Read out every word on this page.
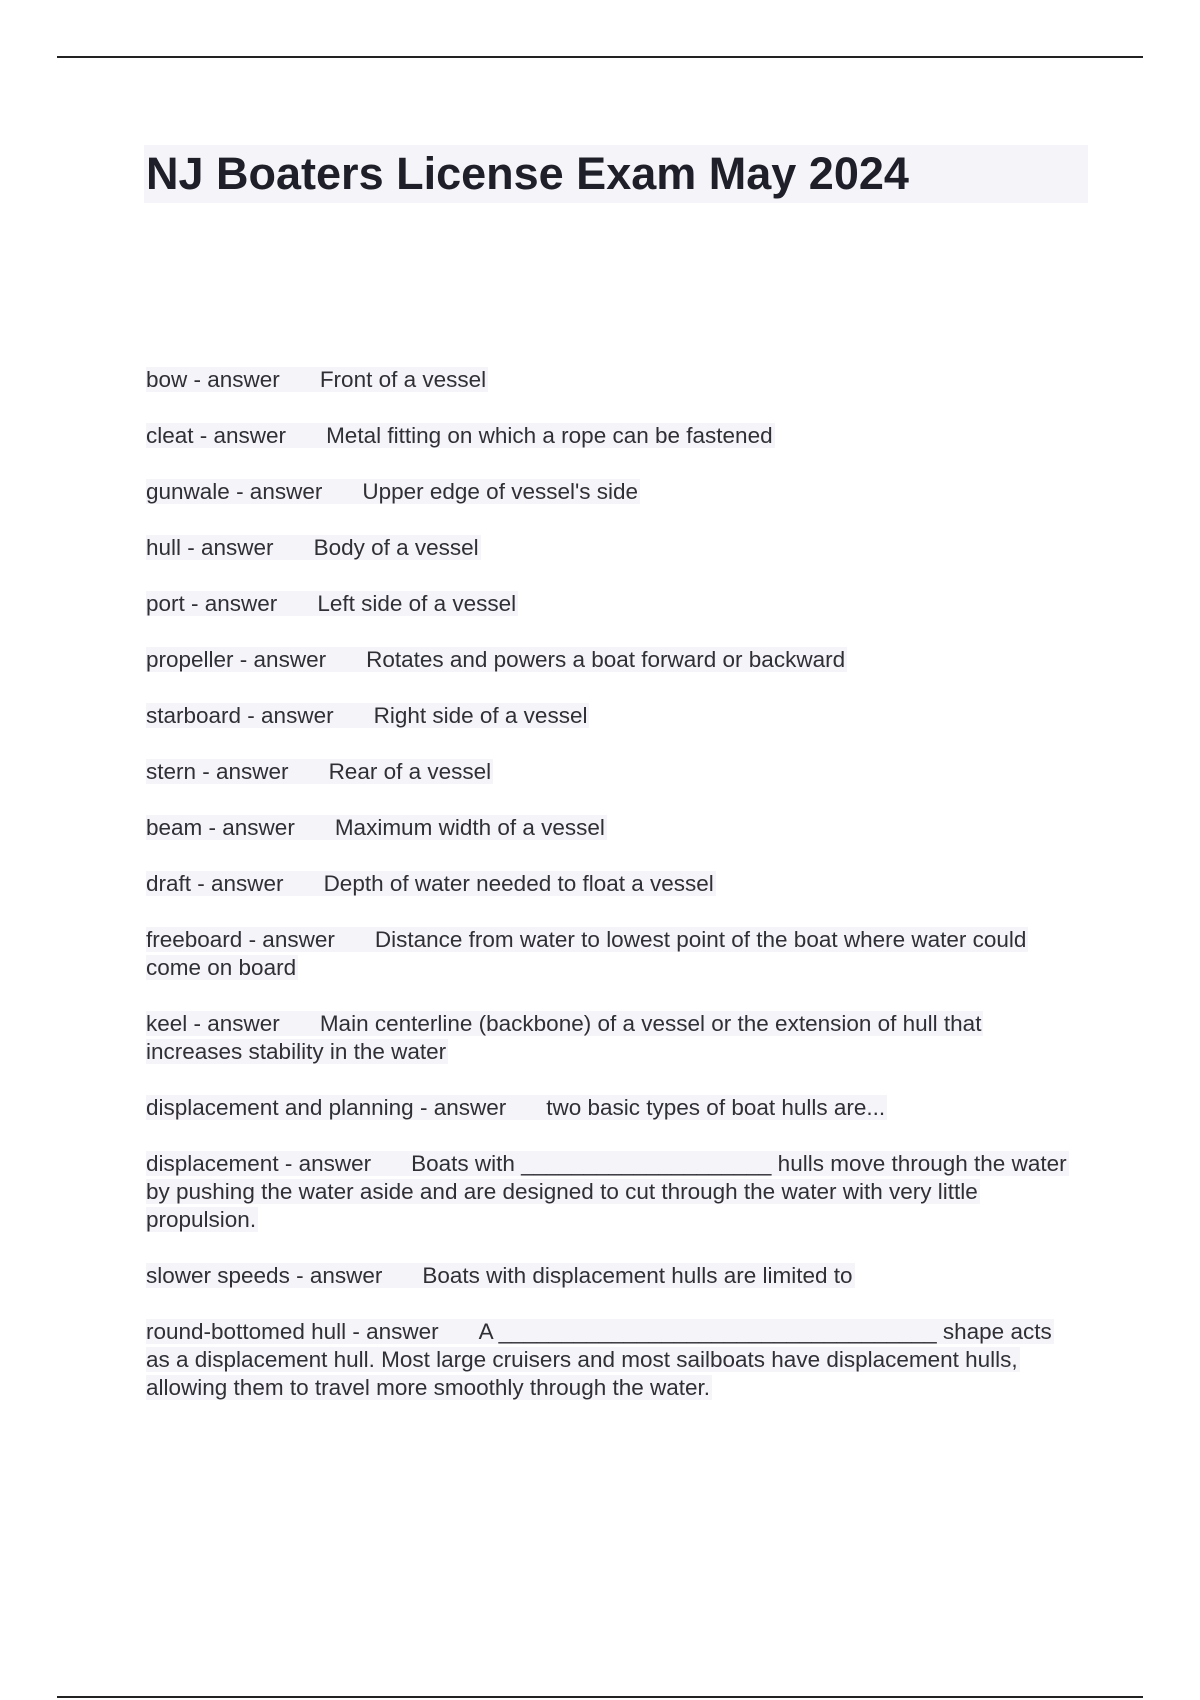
NJ Boaters License Exam May 2024
bow - answer Front of a vessel
cleat - answer Metal fitting on which a rope can be fastened
gunwale - answer Upper edge of vessel's side
hull - answer Body of a vessel
port - answer Left side of a vessel
propeller - answer Rotates and powers a boat forward or backward
starboard - answer Right side of a vessel
stern - answer Rear of a vessel
beam - answer Maximum width of a vessel
draft - answer Depth of water needed to float a vessel
freeboard - answer Distance from water to lowest point of the boat where water could come on board
keel - answer Main centerline (backbone) of a vessel or the extension of hull that increases stability in the water
displacement and planning - answer two basic types of boat hulls are...
displacement - answer Boats with ____________________ hulls move through the water by pushing the water aside and are designed to cut through the water with very little propulsion.
slower speeds - answer Boats with displacement hulls are limited to
round-bottomed hull - answer A ___________________________________ shape acts as a displacement hull. Most large cruisers and most sailboats have displacement hulls, allowing them to travel more smoothly through the water.
